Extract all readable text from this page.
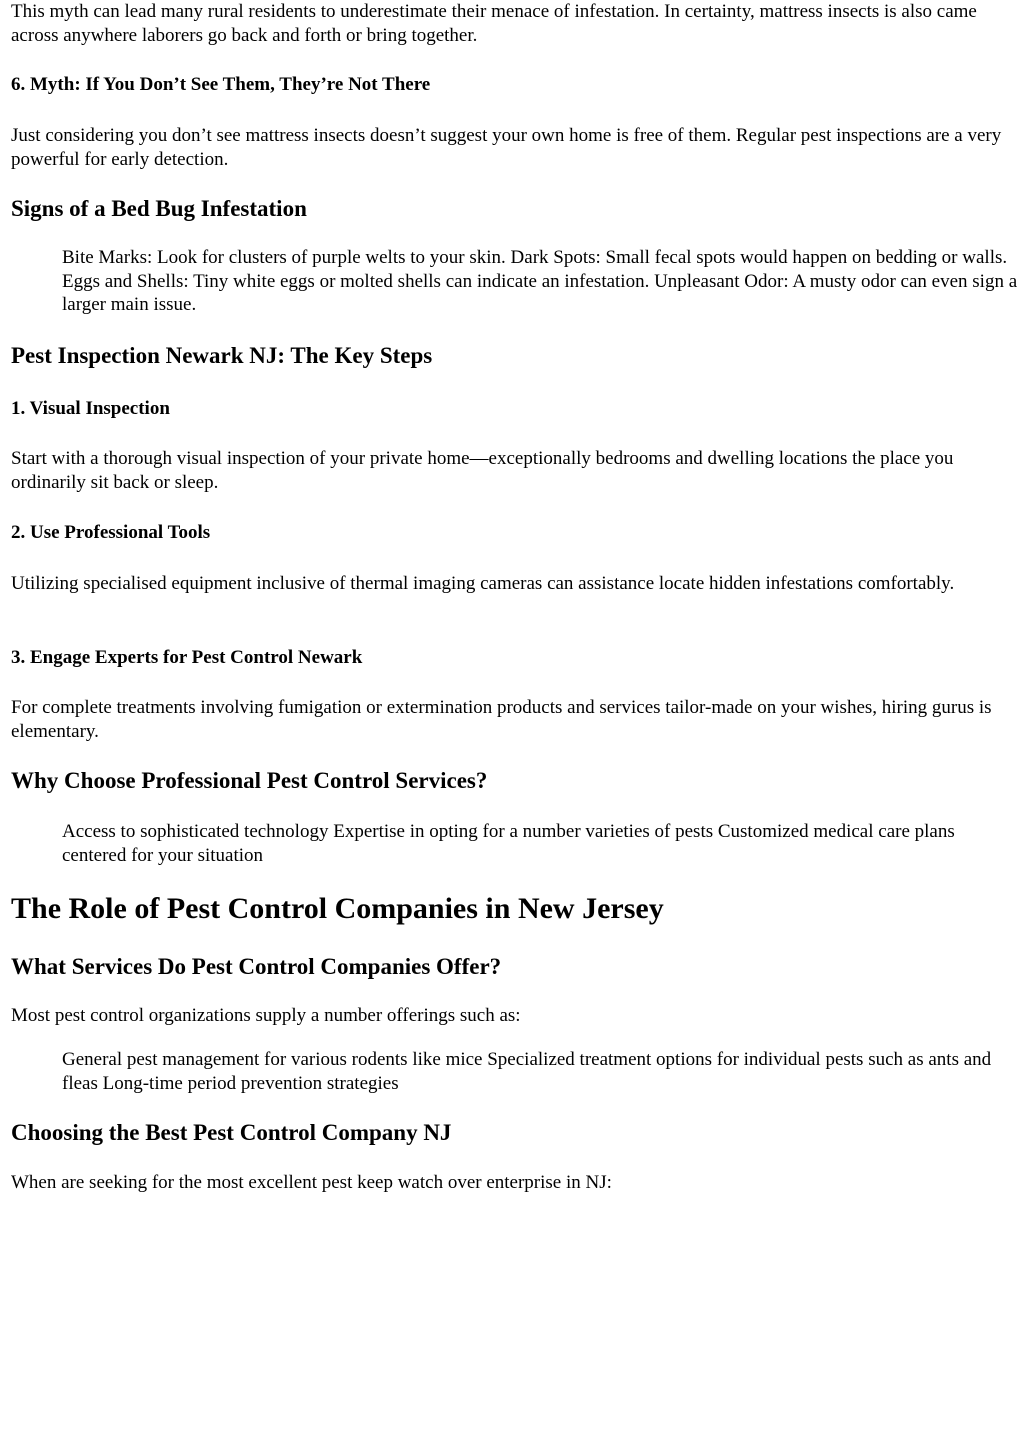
This myth can lead many rural residents to underestimate their menace of infestation. In certainty, mattress insects is also came across anywhere laborers go back and forth or bring together.

6. Myth: If You Don’t See Them, They’re Not There

Just considering you don’t see mattress insects doesn’t suggest your own home is free of them. Regular pest inspections are a very powerful for early detection.

Signs of a Bed Bug Infestation
Bite Marks: Look for clusters of purple welts to your skin. Dark Spots: Small fecal spots would happen on bedding or walls. Eggs and Shells: Tiny white eggs or molted shells can indicate an infestation. Unpleasant Odor: A musty odor can even sign a larger main issue.
Pest Inspection Newark NJ: The Key Steps
1. Visual Inspection

Start with a thorough visual inspection of your private home—exceptionally bedrooms and dwelling locations the place you ordinarily sit back or sleep.

2. Use Professional Tools

Utilizing specialised equipment inclusive of thermal imaging cameras can assistance locate hidden infestations comfortably.

3. Engage Experts for Pest Control Newark

For complete treatments involving fumigation or extermination products and services tailor-made on your wishes, hiring gurus is elementary.

Why Choose Professional Pest Control Services?
Access to sophisticated technology Expertise in opting for a number varieties of pests Customized medical care plans centered for your situation
The Role of Pest Control Companies in New Jersey
What Services Do Pest Control Companies Offer?

Most pest control organizations supply a number offerings such as:

General pest management for various rodents like mice Specialized treatment options for individual pests such as ants and fleas Long-time period prevention strategies
Choosing the Best Pest Control Company NJ

When are seeking for the most excellent pest keep watch over enterprise in NJ:
